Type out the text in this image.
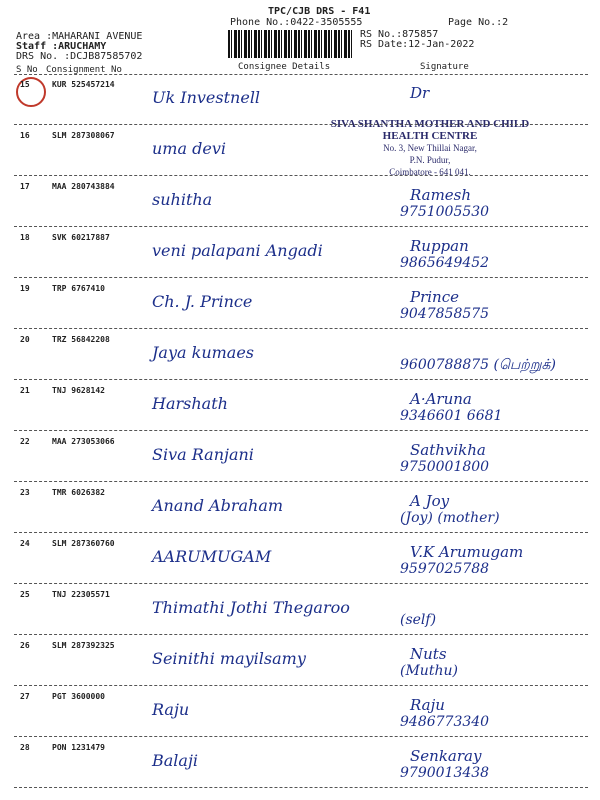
TPC/CJB DRS - F41
Phone No.:0422-3505555	Page No.:2
Area :MAHARANI AVENUE
Staff :ARUCHAMY
DRS No. :DCJB87585702
RS No.:875857
RS Date:12-Jan-2022
S No Consignment No	Consignee Details	Signature
SIVA SHANTHA MOTHER AND CHILD
HEALTH CENTRE
No. 3, New Thillai Nagar,
P.N. Pudur,
Coimbatore - 641 041.
15	KUR 525457214
Uk Investnell	Dr
16	SLM 287308067
uma devi
17	MAA 280743884
suhitha	Ramesh
9751005530
18	SVK 60217887
veni palapani Angadi	Ruppan
9865649452
19	TRP 6767410
Ch. J. Prince	Prince
9047858575
20	TRZ 56842208
Jaya kumaes
9600788875 (பெற்றுக்)
21	TNJ 9628142
Harshath	A·Aruna
9346601 6681
22	MAA 273053066
Siva Ranjani	Sathvikha
9750001800
23	TMR 6026382
Anand Abraham	A Joy
(Joy) (mother)
24	SLM 287360760
AARUMUGAM	V.K Arumugam
9597025788
25	TNJ 22305571
Thimathi Jothi Thegaroo
(self)
26	SLM 287392325
Seinithi mayilsamy	Nuts
(Muthu)
27	PGT 3600000
Raju	Raju
9486773340
28	PON 1231479
Balaji	Senkaray
9790013438
